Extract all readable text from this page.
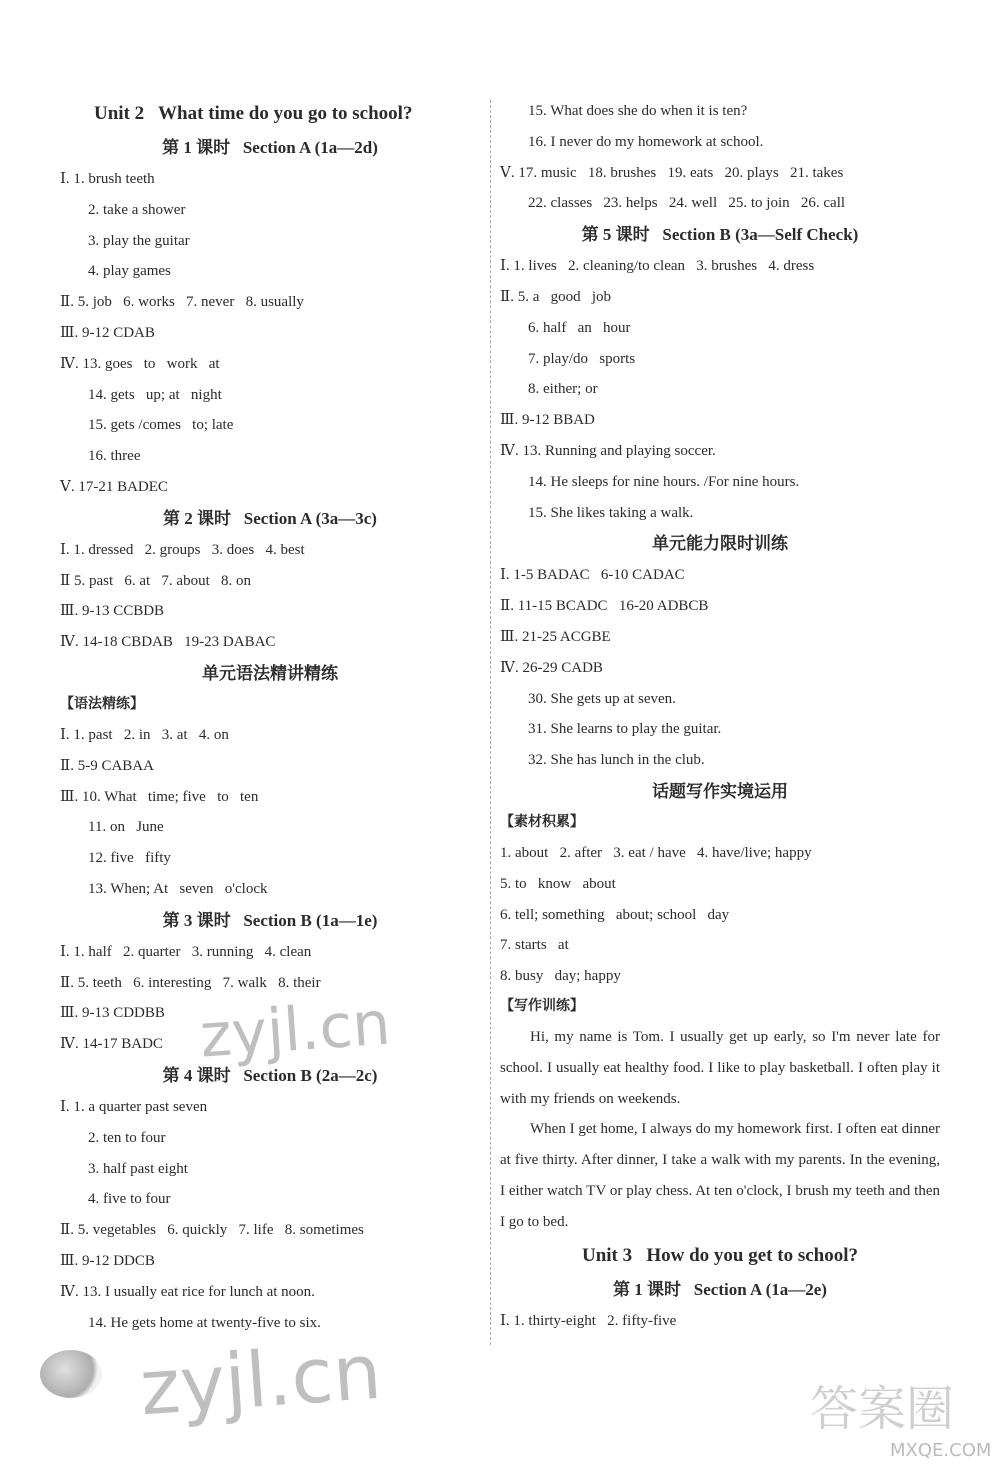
Unit 2   What time do you go to school?
第 1 课时   Section A (1a—2d)
Ⅰ. 1. brush teeth
2. take a shower
3. play the guitar
4. play games
Ⅱ. 5. job   6. works   7. never   8. usually
Ⅲ. 9-12 CDAB
Ⅳ. 13. goes   to   work   at
14. gets   up; at   night
15. gets /comes   to; late
16. three
Ⅴ. 17-21 BADEC
第 2 课时   Section A (3a—3c)
Ⅰ. 1. dressed   2. groups   3. does   4. best
Ⅱ 5. past   6. at   7. about   8. on
Ⅲ. 9-13 CCBDB
Ⅳ. 14-18 CBDAB   19-23 DABAC
单元语法精讲精练
【语法精练】
Ⅰ. 1. past   2. in   3. at   4. on
Ⅱ. 5-9 CABAA
Ⅲ. 10. What   time; five   to   ten
11. on   June
12. five   fifty
13. When; At   seven   o'clock
第 3 课时   Section B (1a—1e)
Ⅰ. 1. half   2. quarter   3. running   4. clean
Ⅱ. 5. teeth   6. interesting   7. walk   8. their
Ⅲ. 9-13 CDDBB
Ⅳ. 14-17 BADC
第 4 课时   Section B (2a—2c)
Ⅰ. 1. a quarter past seven
2. ten to four
3. half past eight
4. five to four
Ⅱ. 5. vegetables   6. quickly   7. life   8. sometimes
Ⅲ. 9-12 DDCB
Ⅳ. 13. I usually eat rice for lunch at noon.
14. He gets home at twenty-five to six.
15. What does she do when it is ten?
16. I never do my homework at school.
Ⅴ. 17. music   18. brushes   19. eats   20. plays   21. takes
22. classes   23. helps   24. well   25. to join   26. call
第 5 课时   Section B (3a—Self Check)
Ⅰ. 1. lives   2. cleaning/to clean   3. brushes   4. dress
Ⅱ. 5. a   good   job
6. half   an   hour
7. play/do   sports
8. either; or
Ⅲ. 9-12 BBAD
Ⅳ. 13. Running and playing soccer.
14. He sleeps for nine hours. /For nine hours.
15. She likes taking a walk.
单元能力限时训练
Ⅰ. 1-5 BADAC   6-10 CADAC
Ⅱ. 11-15 BCADC   16-20 ADBCB
Ⅲ. 21-25 ACGBE
Ⅳ. 26-29 CADB
30. She gets up at seven.
31. She learns to play the guitar.
32. She has lunch in the club.
话题写作实境运用
【素材积累】
1. about   2. after   3. eat / have   4. have/live; happy
5. to   know   about
6. tell; something   about; school   day
7. starts   at
8. busy   day; happy
【写作训练】

Hi, my name is Tom. I usually get up early, so I'm never late for school. I usually eat healthy food. I like to play basketball. I often play it with my friends on weekends.

When I get home, I always do my homework first. I often eat dinner at five thirty. After dinner, I take a walk with my parents. In the evening, I either watch TV or play chess. At ten o'clock, I brush my teeth and then I go to bed.

Unit 3   How do you get to school?
第 1 课时   Section A (1a—2e)
Ⅰ. 1. thirty-eight   2. fifty-five
zyjl.cn
zyjl.cn	答案圈
MXQE.COM
